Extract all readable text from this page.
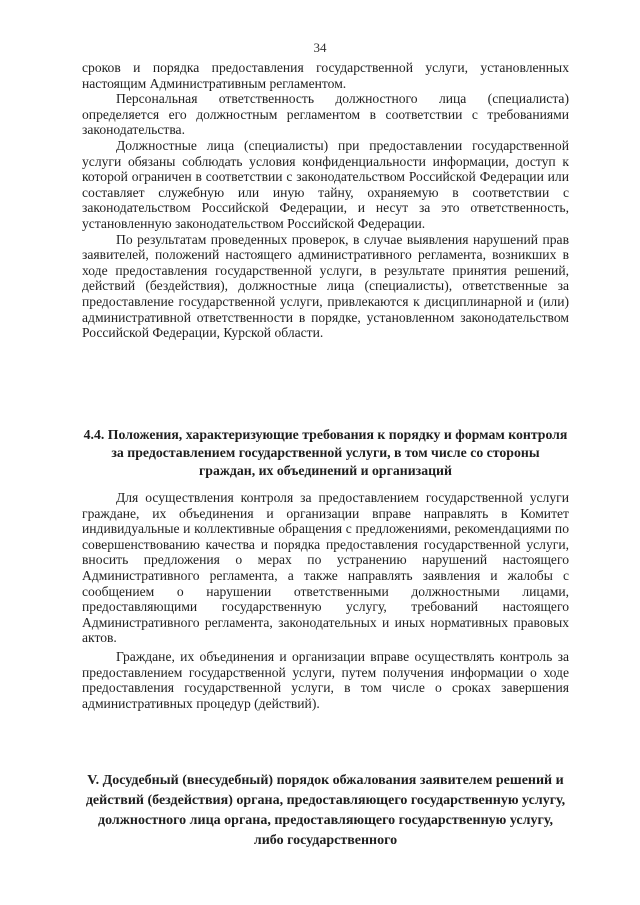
34

сроков и порядка предоставления государственной услуги, установленных настоящим Административным регламентом.

Персональная ответственность должностного лица (специалиста) определяется его должностным регламентом в соответствии с требованиями законодательства.

Должностные лица (специалисты) при предоставлении государственной услуги обязаны соблюдать условия конфиденциальности информации, доступ к которой ограничен в соответствии с законодательством Российской Федерации или составляет служебную или иную тайну, охраняемую в соответствии с законодательством Российской Федерации, и несут за это ответственность, установленную законодательством Российской Федерации.

По результатам проведенных проверок, в случае выявления нарушений прав заявителей, положений настоящего административного регламента, возникших в ходе предоставления государственной услуги, в результате принятия решений, действий (бездействия), должностные лица (специалисты), ответственные за предоставление государственной услуги, привлекаются к дисциплинарной и (или) административной ответственности в порядке, установленном законодательством Российской Федерации, Курской области.

4.4. Положения, характеризующие требования к порядку и формам контроля за предоставлением государственной услуги, в том числе со стороны граждан, их объединений и организаций

Для осуществления контроля за предоставлением государственной услуги граждане, их объединения и организации вправе направлять в Комитет индивидуальные и коллективные обращения с предложениями, рекомендациями по совершенствованию качества и порядка предоставления государственной услуги, вносить предложения о мерах по устранению нарушений настоящего Административного регламента, а также направлять заявления и жалобы с сообщением о нарушении ответственными должностными лицами, предоставляющими государственную услугу, требований настоящего Административного регламента, законодательных и иных нормативных правовых актов.

Граждане, их объединения и организации вправе осуществлять контроль за предоставлением государственной услуги, путем получения информации о ходе предоставления государственной услуги, в том числе о сроках завершения административных процедур (действий).

V. Досудебный (внесудебный) порядок обжалования заявителем решений и действий (бездействия) органа, предоставляющего государственную услугу, должностного лица органа, предоставляющего государственную услугу, либо государственного
